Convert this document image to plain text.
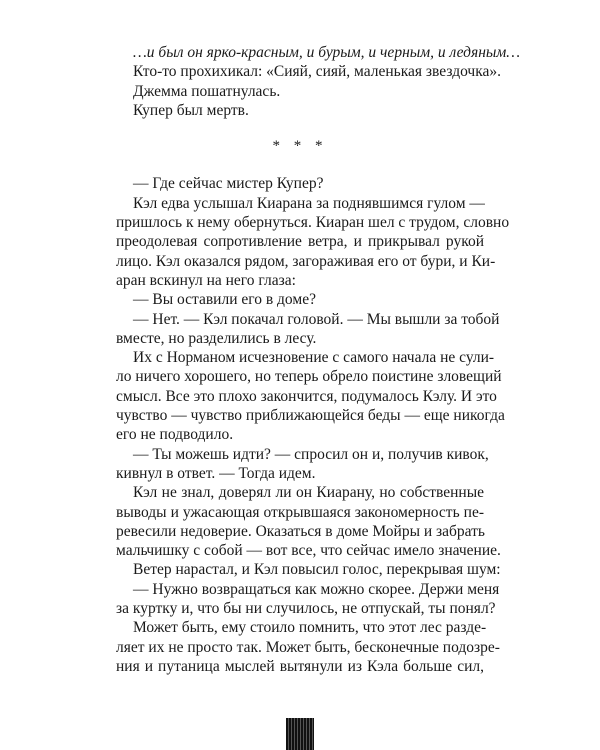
…и был он ярко-красным, и бурым, и черным, и ледяным…

Кто-то прохихикал: «Сияй, сияй, маленькая звездочка».

Джемма пошатнулась.

Купер был мертв.

* * *

— Где сейчас мистер Купер?

Кэл едва услышал Киарана за поднявшимся гулом —

пришлось к нему обернуться. Киаран шел с трудом, словно

преодолевая сопротивление ветра, и прикрывал рукой

лицо. Кэл оказался рядом, загораживая его от бури, и Ки-

аран вскинул на него глаза:

— Вы оставили его в доме?

— Нет. — Кэл покачал головой. — Мы вышли за тобой

вместе, но разделились в лесу.

Их с Норманом исчезновение с самого начала не сули-

ло ничего хорошего, но теперь обрело поистине зловещий

смысл. Все это плохо закончится, подумалось Кэлу. И это

чувство — чувство приближающейся беды — еще никогда

его не подводило.

— Ты можешь идти? — спросил он и, получив кивок,

кивнул в ответ. — Тогда идем.

Кэл не знал, доверял ли он Киарану, но собственные

выводы и ужасающая открывшаяся закономерность пе-

ревесили недоверие. Оказаться в доме Мойры и забрать

мальчишку с собой — вот все, что сейчас имело значение.

Ветер нарастал, и Кэл повысил голос, перекрывая шум:

— Нужно возвращаться как можно скорее. Держи меня

за куртку и, что бы ни случилось, не отпускай, ты понял?

Может быть, ему стоило помнить, что этот лес разде-

ляет их не просто так. Может быть, бесконечные подозре-

ния и путаница мыслей вытянули из Кэла больше сил,
